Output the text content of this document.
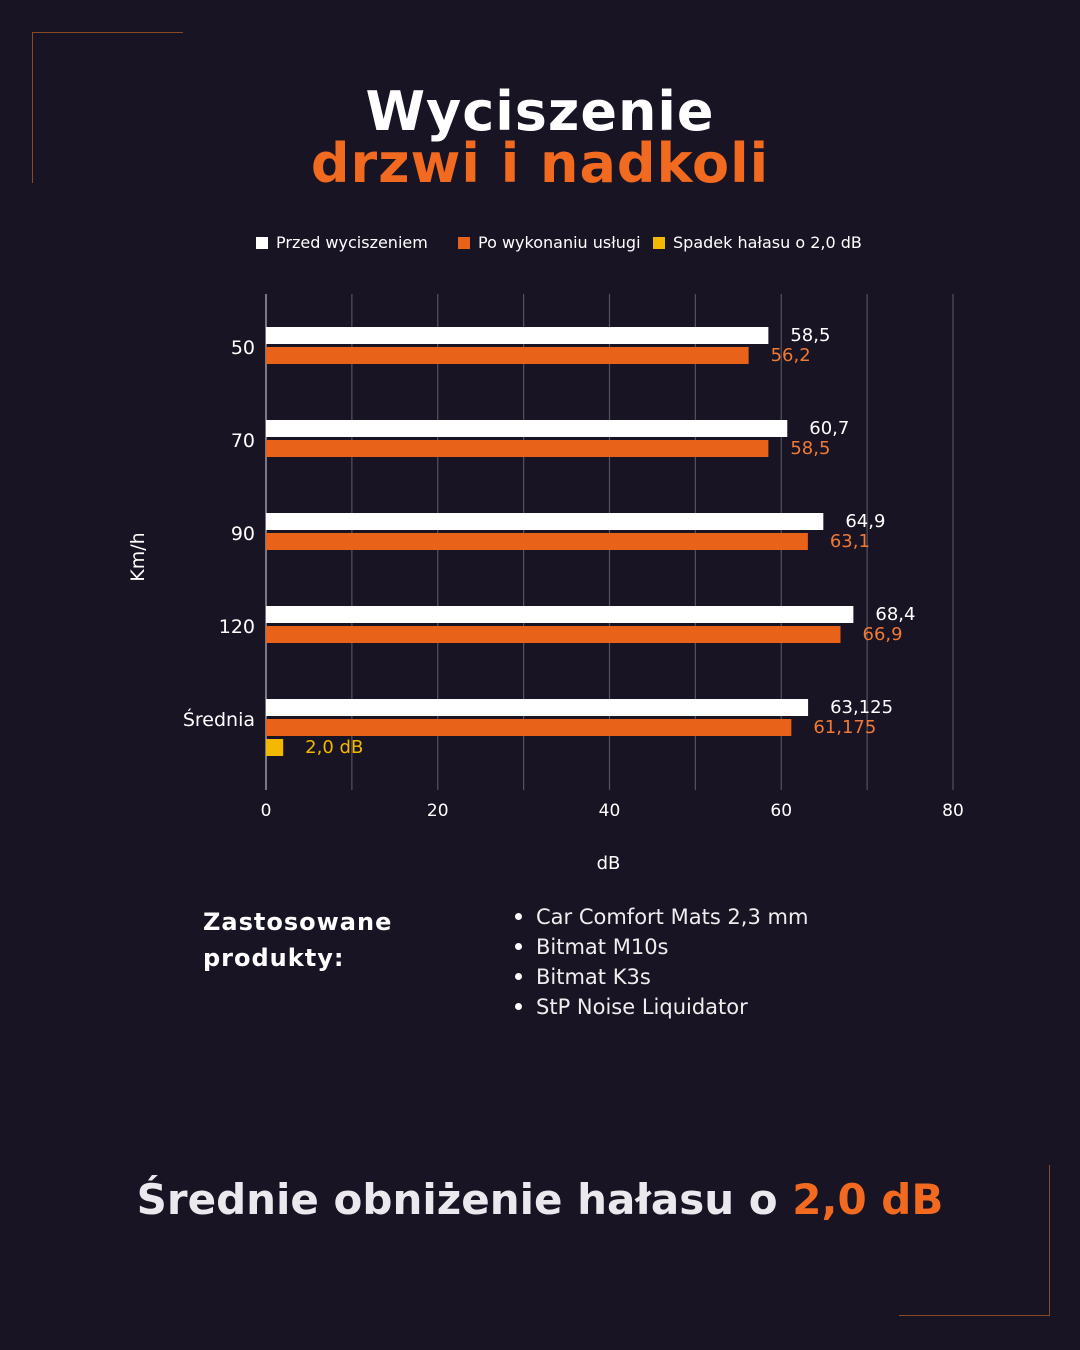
Wyciszenie
drzwi i nadkoli
0	20	40	60	80
dB
Km/h
50
58,5
56,2
70
60,7
58,5
90
64,9
63,1
120
68,4
66,9
Średnia
63,125
61,175
2,0 dB
Przed wyciszeniem	Po wykonaniu usługi Spadek hałasu o 2,0 dB
Zastosowane produkty:
Car Comfort Mats 2,3 mm
Bitmat M10s
Bitmat K3s
StP Noise Liquidator
Średnie obniżenie hałasu o 2,0 dB
